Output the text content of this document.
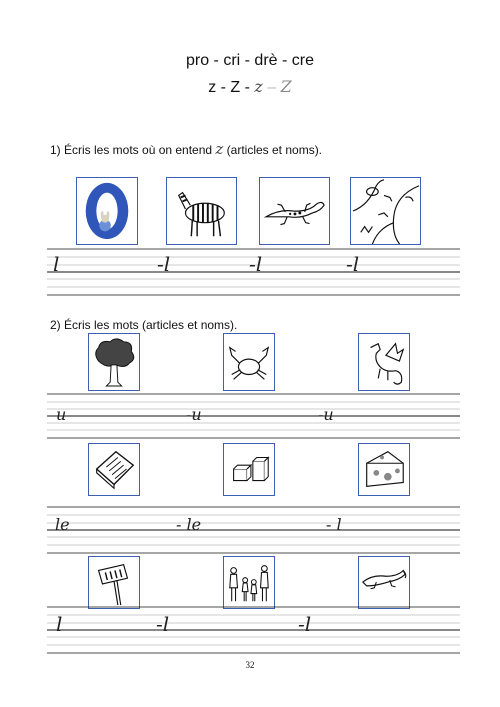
pro - cri - drè - cre
z - Z - z – Z
1) Écris les mots où on entend z (articles et noms).
l	-l	-l	-l
2) Écris les mots (articles et noms).
u	-u	-u
le	- le	- l
l	-l	-l
32
